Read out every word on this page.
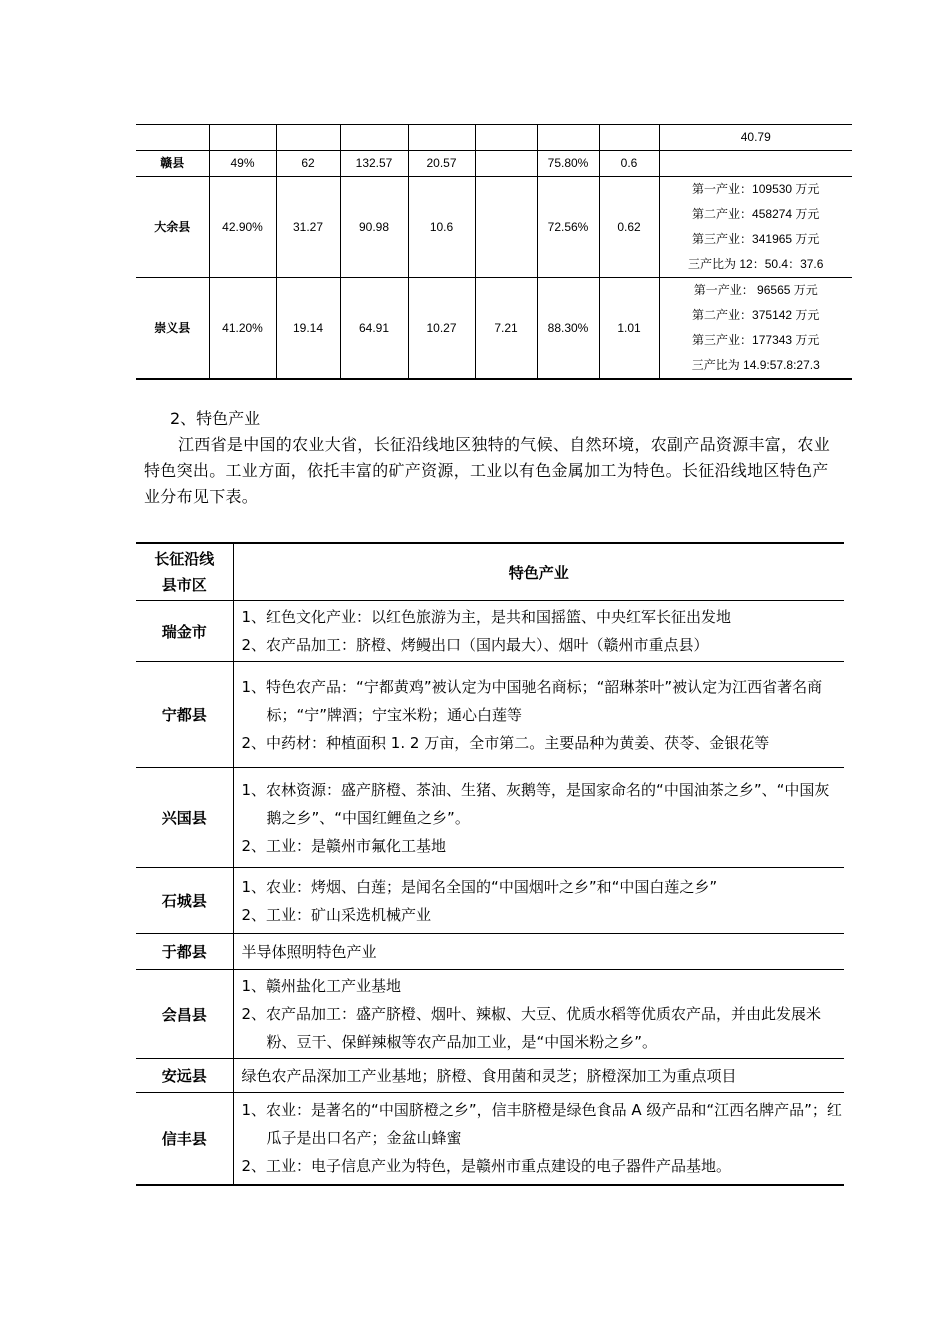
								40.79
赣县	49%	62	132.57	20.57		75.80%	0.6	
大余县	42.90%	31.27	90.98	10.6		72.56%	0.62	第一产业：109530 万元
第二产业：458274 万元
第三产业：341965 万元
三产比为 12：50.4：37.6

崇义县	41.20%	19.14	64.91	10.27	7.21	88.30%	1.01	第一产业： 96565 万元
第二产业：375142 万元
第三产业：177343 万元
三产比为 14.9:57.8:27.3

2、特色产业

江西省是中国的农业大省，长征沿线地区独特的气候、自然环境，农副产品资源丰富，农业特色突出。工业方面，依托丰富的矿产资源，工业以有色金属加工为特色。长征沿线地区特色产业分布见下表。

长征沿线
县市区	特色产业
瑞金市	1、红色文化产业：以红色旅游为主，是共和国摇篮、中央红军长征出发地
2、农产品加工：脐橙、烤鳗出口（国内最大）、烟叶（赣州市重点县）

宁都县	1、特色农产品：“宁都黄鸡”被认定为中国驰名商标；“韶琳茶叶”被认定为江西省著名商标；“宁”牌酒；宁宝米粉；通心白莲等
2、中药材：种植面积 1. 2 万亩，全市第二。主要品种为黄姜、茯苓、金银花等

兴国县	1、农林资源：盛产脐橙、茶油、生猪、灰鹅等，是国家命名的“中国油茶之乡”、“中国灰鹅之乡”、“中国红鲤鱼之乡”。
2、工业：是赣州市氟化工基地

石城县	1、农业：烤烟、白莲；是闻名全国的“中国烟叶之乡”和“中国白莲之乡”
2、工业：矿山采选机械产业

于都县	半导体照明特色产业

会昌县	1、赣州盐化工产业基地
2、农产品加工：盛产脐橙、烟叶、辣椒、大豆、优质水稻等优质农产品，并由此发展米粉、豆干、保鲜辣椒等农产品加工业，是“中国米粉之乡”。

安远县	绿色农产品深加工产业基地；脐橙、食用菌和灵芝；脐橙深加工为重点项目

信丰县	1、农业：是著名的“中国脐橙之乡”，信丰脐橙是绿色食品 A 级产品和“江西名牌产品”；红瓜子是出口名产；金盆山蜂蜜
2、工业：电子信息产业为特色，是赣州市重点建设的电子器件产品基地。
